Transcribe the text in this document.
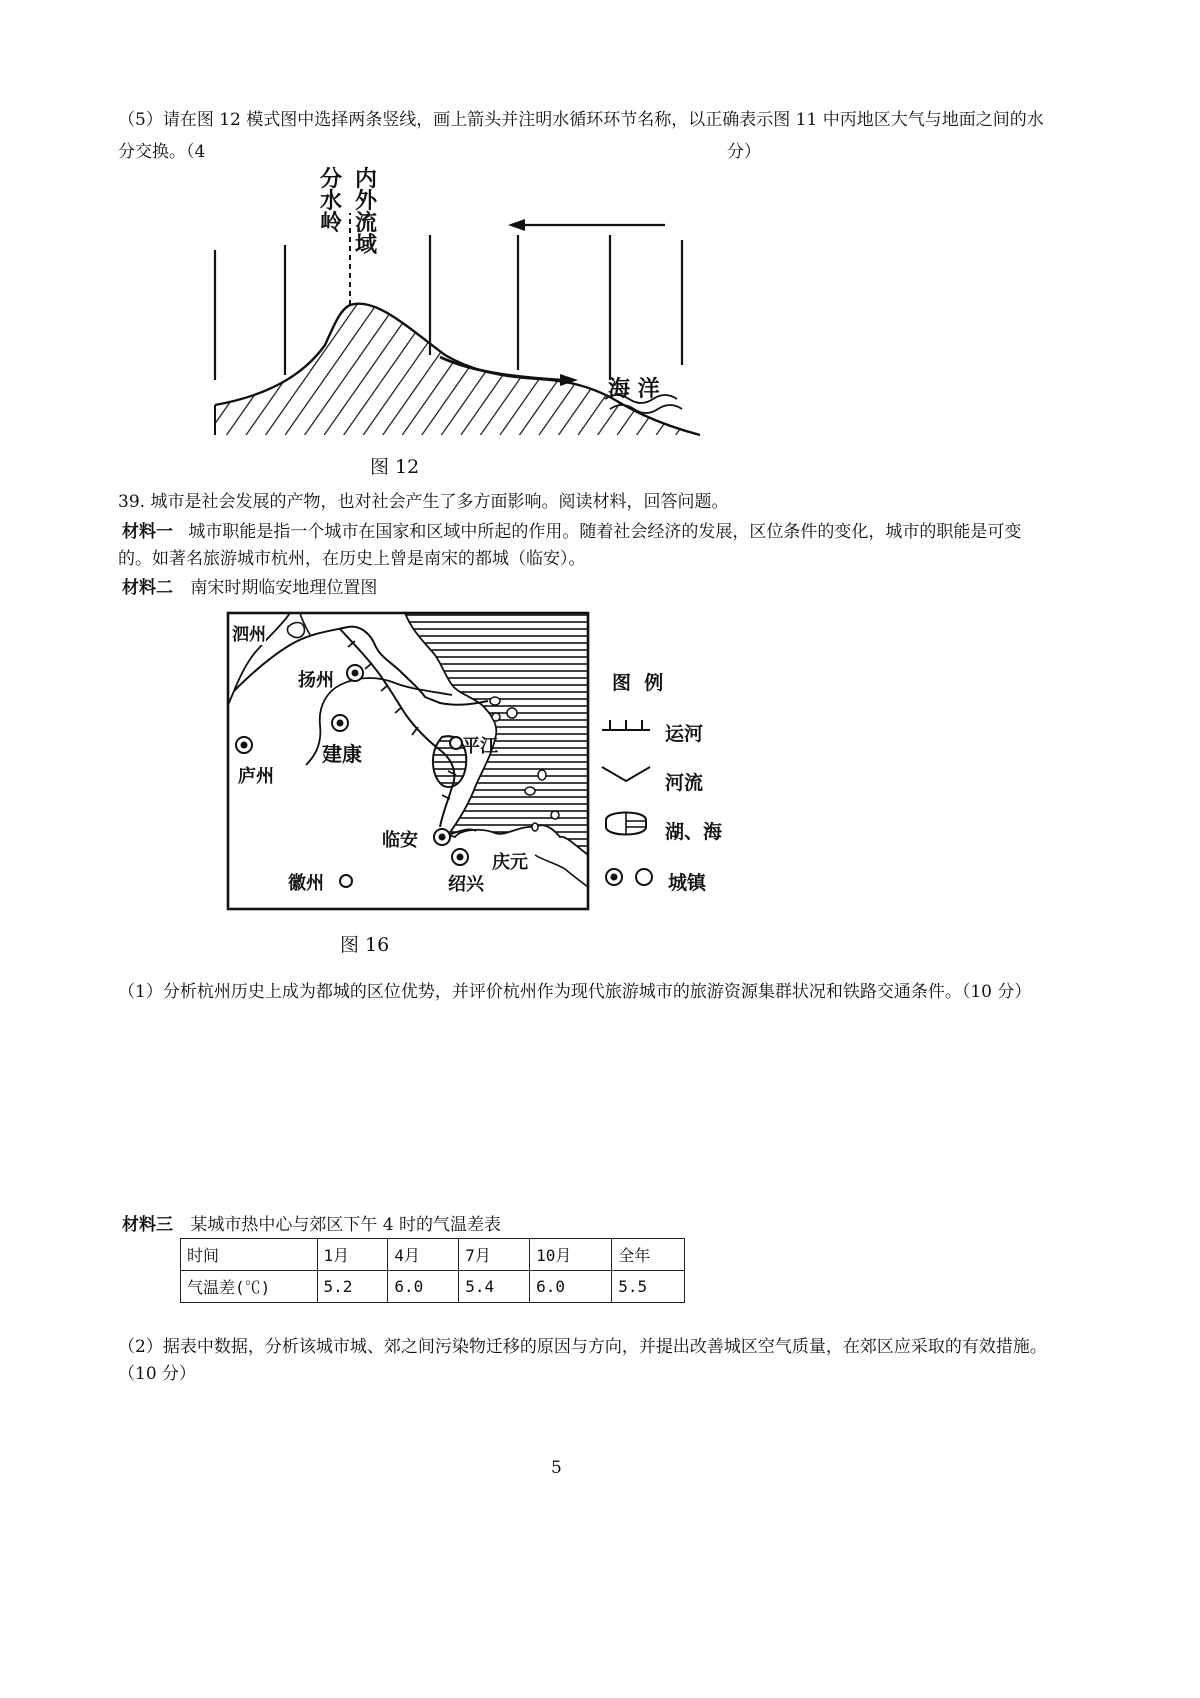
（5）请在图 12 模式图中选择两条竖线，画上箭头并注明水循环环节名称，以正确表示图 11 中丙地区大气与地面之间的水
分交换。（4	分）
分
水
岭
内
外
流
域
海 洋
图 12
39. 城市是社会发展的产物，也对社会产生了多方面影响。阅读材料，回答问题。
材料一 城市职能是指一个城市在国家和区域中所起的作用。随着社会经济的发展，区位条件的变化，城市的职能是可变
的。如著名旅游城市杭州，在历史上曾是南宋的都城（临安）。
材料二 南宋时期临安地理位置图
泗州
扬州
建康
庐州
平江
临安
徽州	绍兴
庆元
图  例
运河
河流
湖、海
城镇
图 16
（1）分析杭州历史上成为都城的区位优势，并评价杭州作为现代旅游城市的旅游资源集群状况和铁路交通条件。（10 分）
材料三 某城市热中心与郊区下午 4 时的气温差表
时间	1月	4月	7月	10月	全年
气温差(℃)	5.2	6.0	5.4	6.0	5.5
（2）据表中数据，分析该城市城、郊之间污染物迁移的原因与方向，并提出改善城区空气质量，在郊区应采取的有效措施。
（10 分）
5
